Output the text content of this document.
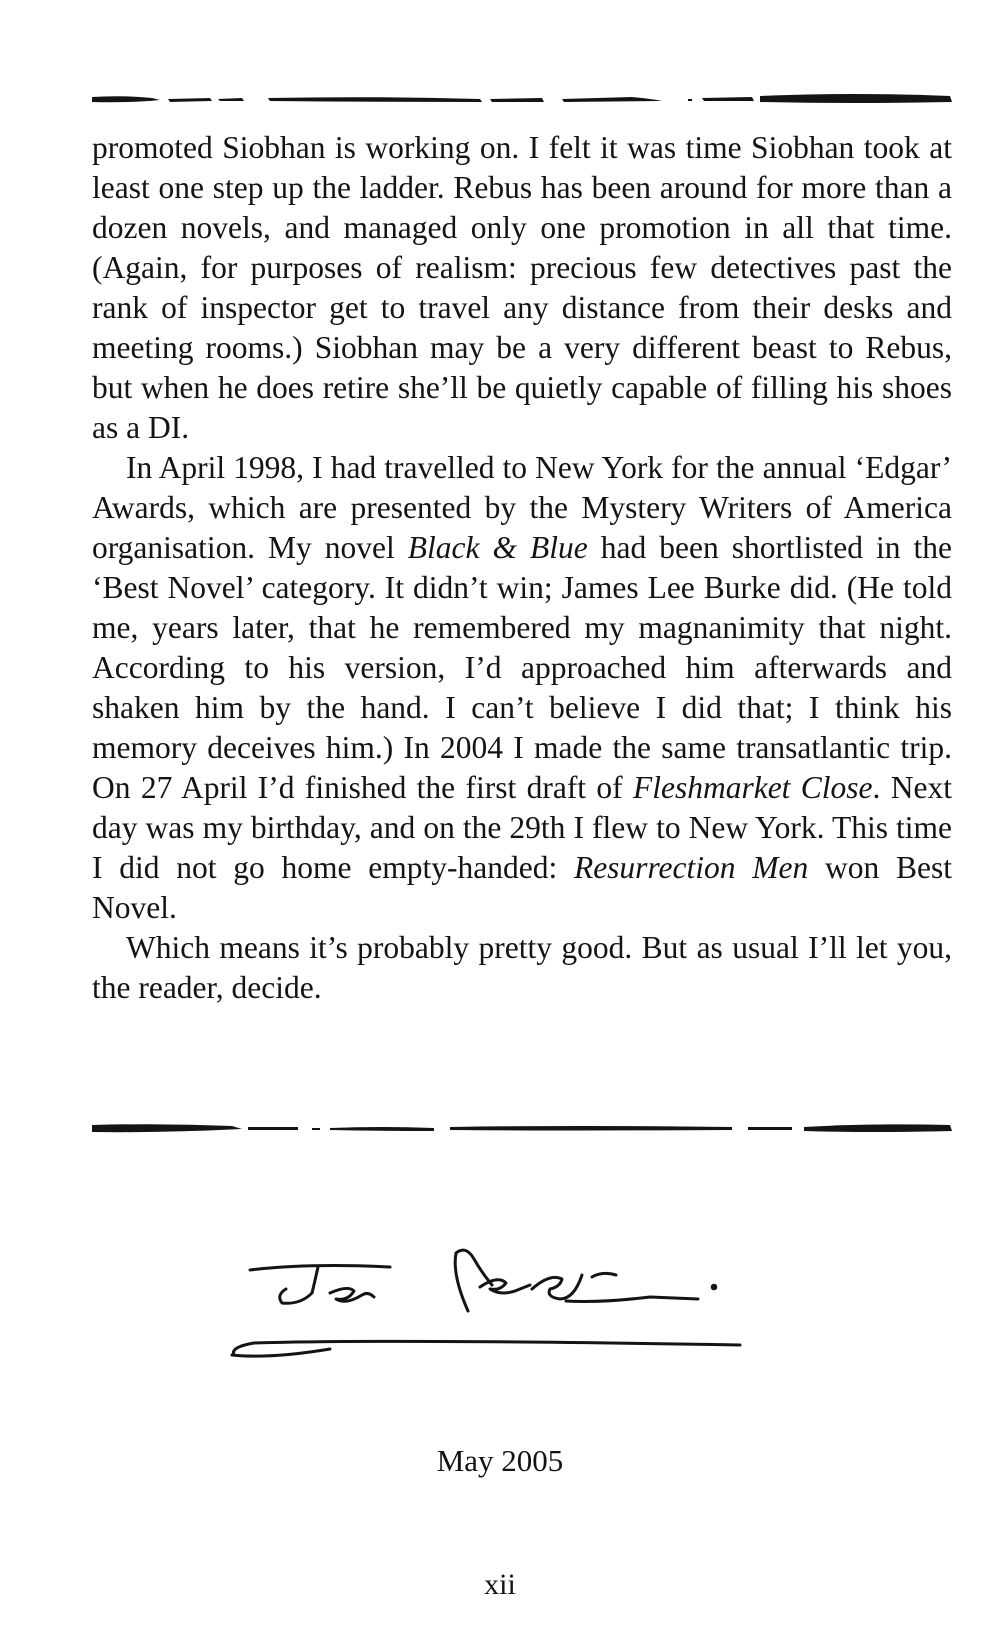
promoted Siobhan is working on. I felt it was time Siobhan took at least one step up the ladder. Rebus has been around for more than a dozen novels, and managed only one promotion in all that time. (Again, for purposes of realism: precious few detectives past the rank of inspector get to travel any distance from their desks and meeting rooms.) Siobhan may be a very different beast to Rebus, but when he does retire she’ll be quietly capable of filling his shoes as a DI.

In April 1998, I had travelled to New York for the annual ‘Edgar’ Awards, which are presented by the Mystery Writers of America organisation. My novel Black & Blue had been shortlisted in the ‘Best Novel’ category. It didn’t win; James Lee Burke did. (He told me, years later, that he remembered my magnanimity that night. According to his version, I’d approached him afterwards and shaken him by the hand. I can’t believe I did that; I think his memory deceives him.) In 2004 I made the same transatlantic trip. On 27 April I’d finished the first draft of Fleshmarket Close. Next day was my birthday, and on the 29th I flew to New York. This time I did not go home empty-handed: Resurrection Men won Best Novel.

Which means it’s probably pretty good. But as usual I’ll let you, the reader, decide.

May 2005
xii
